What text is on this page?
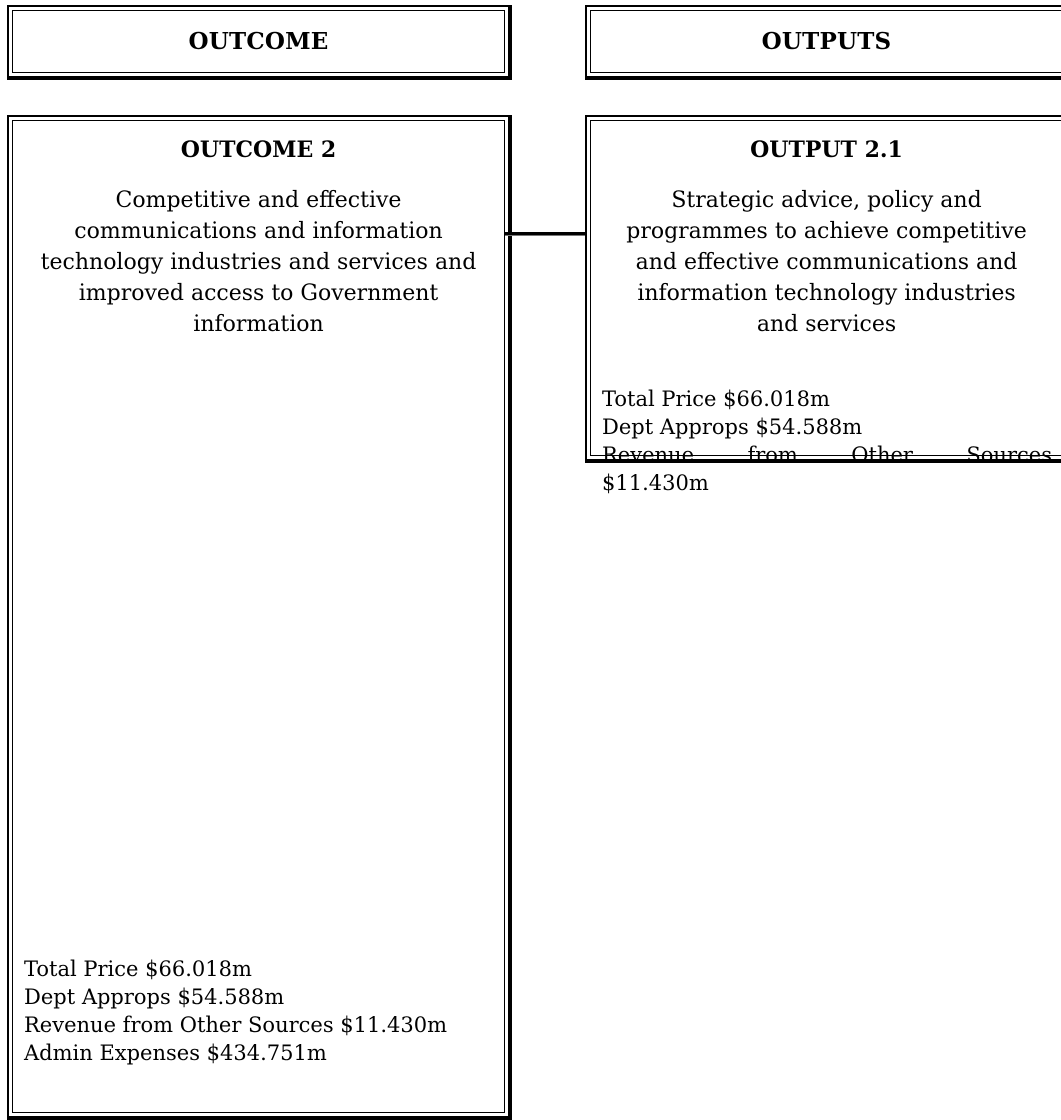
OUTCOME	OUTPUTS
OUTCOME 2
Competitive and effective
communications and information
technology industries and services and
improved access to Government
information
Total Price $66.018m
Dept Approps $54.588m
Revenue from Other Sources $11.430m
Admin Expenses $434.751m
OUTPUT 2.1
Strategic advice, policy and
programmes to achieve competitive
and effective communications and
information technology industries
and services
Total Price $66.018m
Dept Approps $54.588m
Revenue	from	Other	Sources
$11.430m
